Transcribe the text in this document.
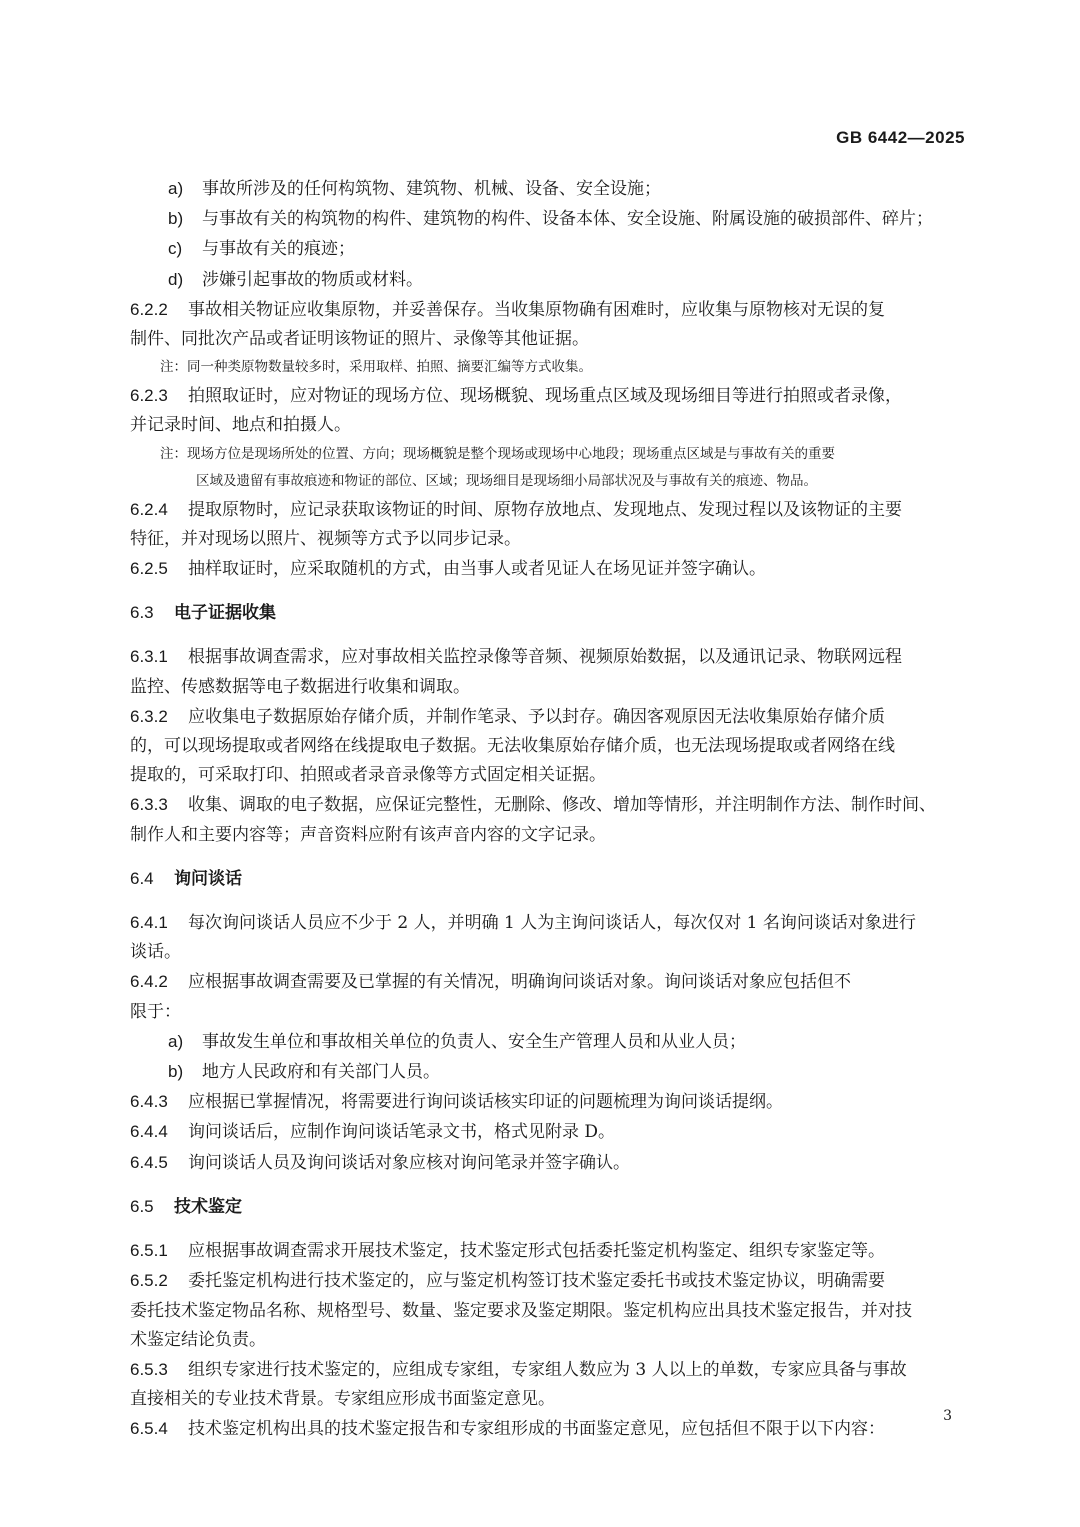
GB 6442—2025
a) 事故所涉及的任何构筑物、建筑物、机械、设备、安全设施；
b) 与事故有关的构筑物的构件、建筑物的构件、设备本体、安全设施、附属设施的破损部件、碎片；
c) 与事故有关的痕迹；
d) 涉嫌引起事故的物质或材料。
6.2.2 事故相关物证应收集原物，并妥善保存。当收集原物确有困难时，应收集与原物核对无误的复
制件、同批次产品或者证明该物证的照片、录像等其他证据。
注：同一种类原物数量较多时，采用取样、拍照、摘要汇编等方式收集。
6.2.3 拍照取证时，应对物证的现场方位、现场概貌、现场重点区域及现场细目等进行拍照或者录像，
并记录时间、地点和拍摄人。
注：现场方位是现场所处的位置、方向；现场概貌是整个现场或现场中心地段；现场重点区域是与事故有关的重要
区域及遗留有事故痕迹和物证的部位、区域；现场细目是现场细小局部状况及与事故有关的痕迹、物品。
6.2.4 提取原物时，应记录获取该物证的时间、原物存放地点、发现地点、发现过程以及该物证的主要
特征，并对现场以照片、视频等方式予以同步记录。
6.2.5 抽样取证时，应采取随机的方式，由当事人或者见证人在场见证并签字确认。
6.3 电子证据收集
6.3.1 根据事故调查需求，应对事故相关监控录像等音频、视频原始数据，以及通讯记录、物联网远程
监控、传感数据等电子数据进行收集和调取。
6.3.2 应收集电子数据原始存储介质，并制作笔录、予以封存。确因客观原因无法收集原始存储介质
的，可以现场提取或者网络在线提取电子数据。无法收集原始存储介质，也无法现场提取或者网络在线
提取的，可采取打印、拍照或者录音录像等方式固定相关证据。
6.3.3 收集、调取的电子数据，应保证完整性，无删除、修改、增加等情形，并注明制作方法、制作时间、
制作人和主要内容等；声音资料应附有该声音内容的文字记录。
6.4 询问谈话
6.4.1 每次询问谈话人员应不少于 2 人，并明确 1 人为主询问谈话人，每次仅对 1 名询问谈话对象进行
谈话。
6.4.2 应根据事故调查需要及已掌握的有关情况，明确询问谈话对象。询问谈话对象应包括但不
限于：
a) 事故发生单位和事故相关单位的负责人、安全生产管理人员和从业人员；
b) 地方人民政府和有关部门人员。
6.4.3 应根据已掌握情况，将需要进行询问谈话核实印证的问题梳理为询问谈话提纲。
6.4.4 询问谈话后，应制作询问谈话笔录文书，格式见附录 D。
6.4.5 询问谈话人员及询问谈话对象应核对询问笔录并签字确认。
6.5 技术鉴定
6.5.1 应根据事故调查需求开展技术鉴定，技术鉴定形式包括委托鉴定机构鉴定、组织专家鉴定等。
6.5.2 委托鉴定机构进行技术鉴定的，应与鉴定机构签订技术鉴定委托书或技术鉴定协议，明确需要
委托技术鉴定物品名称、规格型号、数量、鉴定要求及鉴定期限。鉴定机构应出具技术鉴定报告，并对技
术鉴定结论负责。
6.5.3 组织专家进行技术鉴定的，应组成专家组，专家组人数应为 3 人以上的单数，专家应具备与事故
直接相关的专业技术背景。专家组应形成书面鉴定意见。
6.5.4 技术鉴定机构出具的技术鉴定报告和专家组形成的书面鉴定意见，应包括但不限于以下内容：
3
